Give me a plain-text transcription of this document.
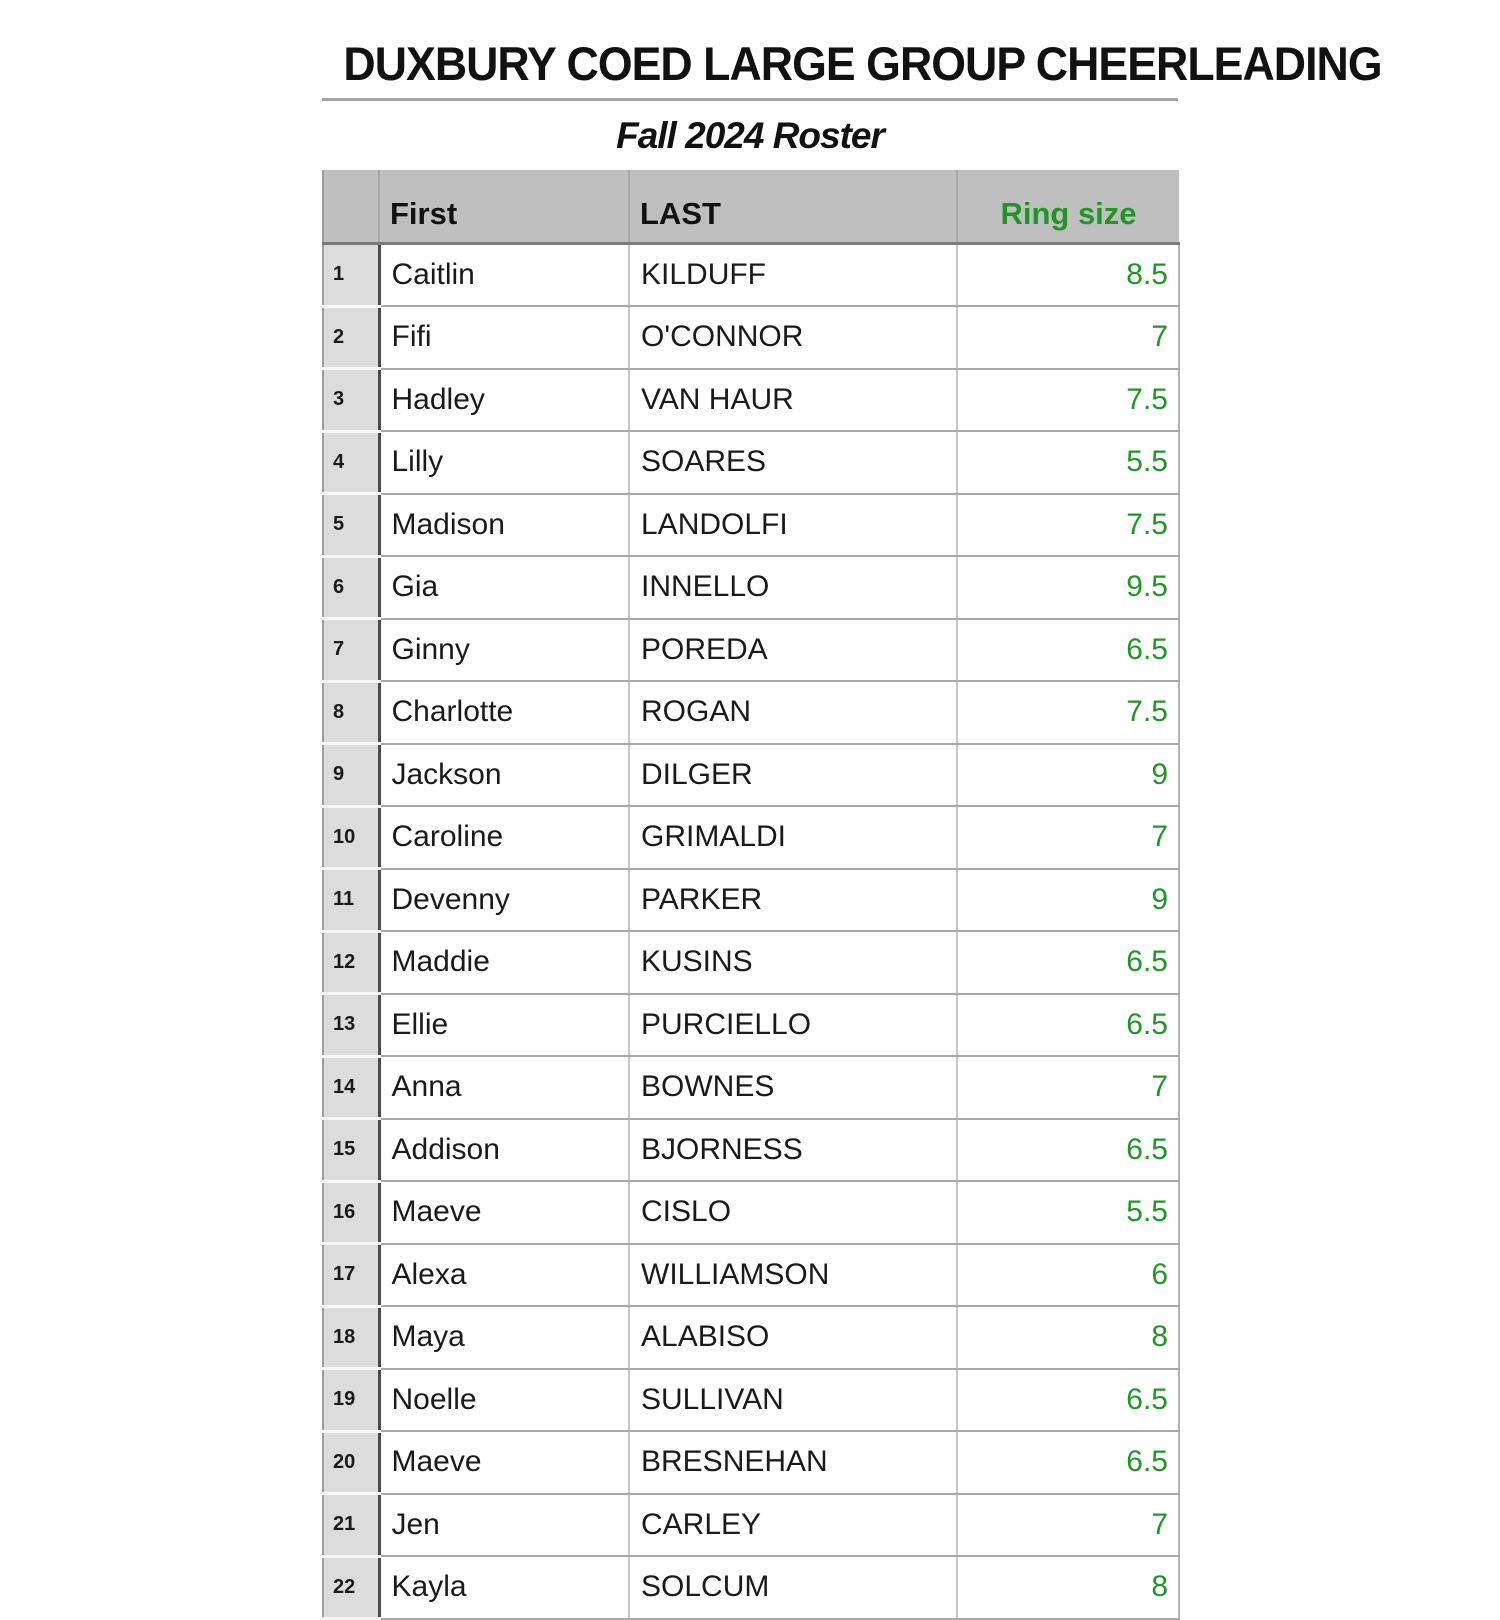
DUXBURY COED LARGE GROUP CHEERLEADING
Fall 2024 Roster
	First	LAST	Ring size
1	Caitlin	KILDUFF	8.5
2	Fifi	O'CONNOR	7
3	Hadley	VAN HAUR	7.5
4	Lilly	SOARES	5.5
5	Madison	LANDOLFI	7.5
6	Gia	INNELLO	9.5
7	Ginny	POREDA	6.5
8	Charlotte	ROGAN	7.5
9	Jackson	DILGER	9
10	Caroline	GRIMALDI	7
11	Devenny	PARKER	9
12	Maddie	KUSINS	6.5
13	Ellie	PURCIELLO	6.5
14	Anna	BOWNES	7
15	Addison	BJORNESS	6.5
16	Maeve	CISLO	5.5
17	Alexa	WILLIAMSON	6
18	Maya	ALABISO	8
19	Noelle	SULLIVAN	6.5
20	Maeve	BRESNEHAN	6.5
21	Jen	CARLEY	7
22	Kayla	SOLCUM	8
